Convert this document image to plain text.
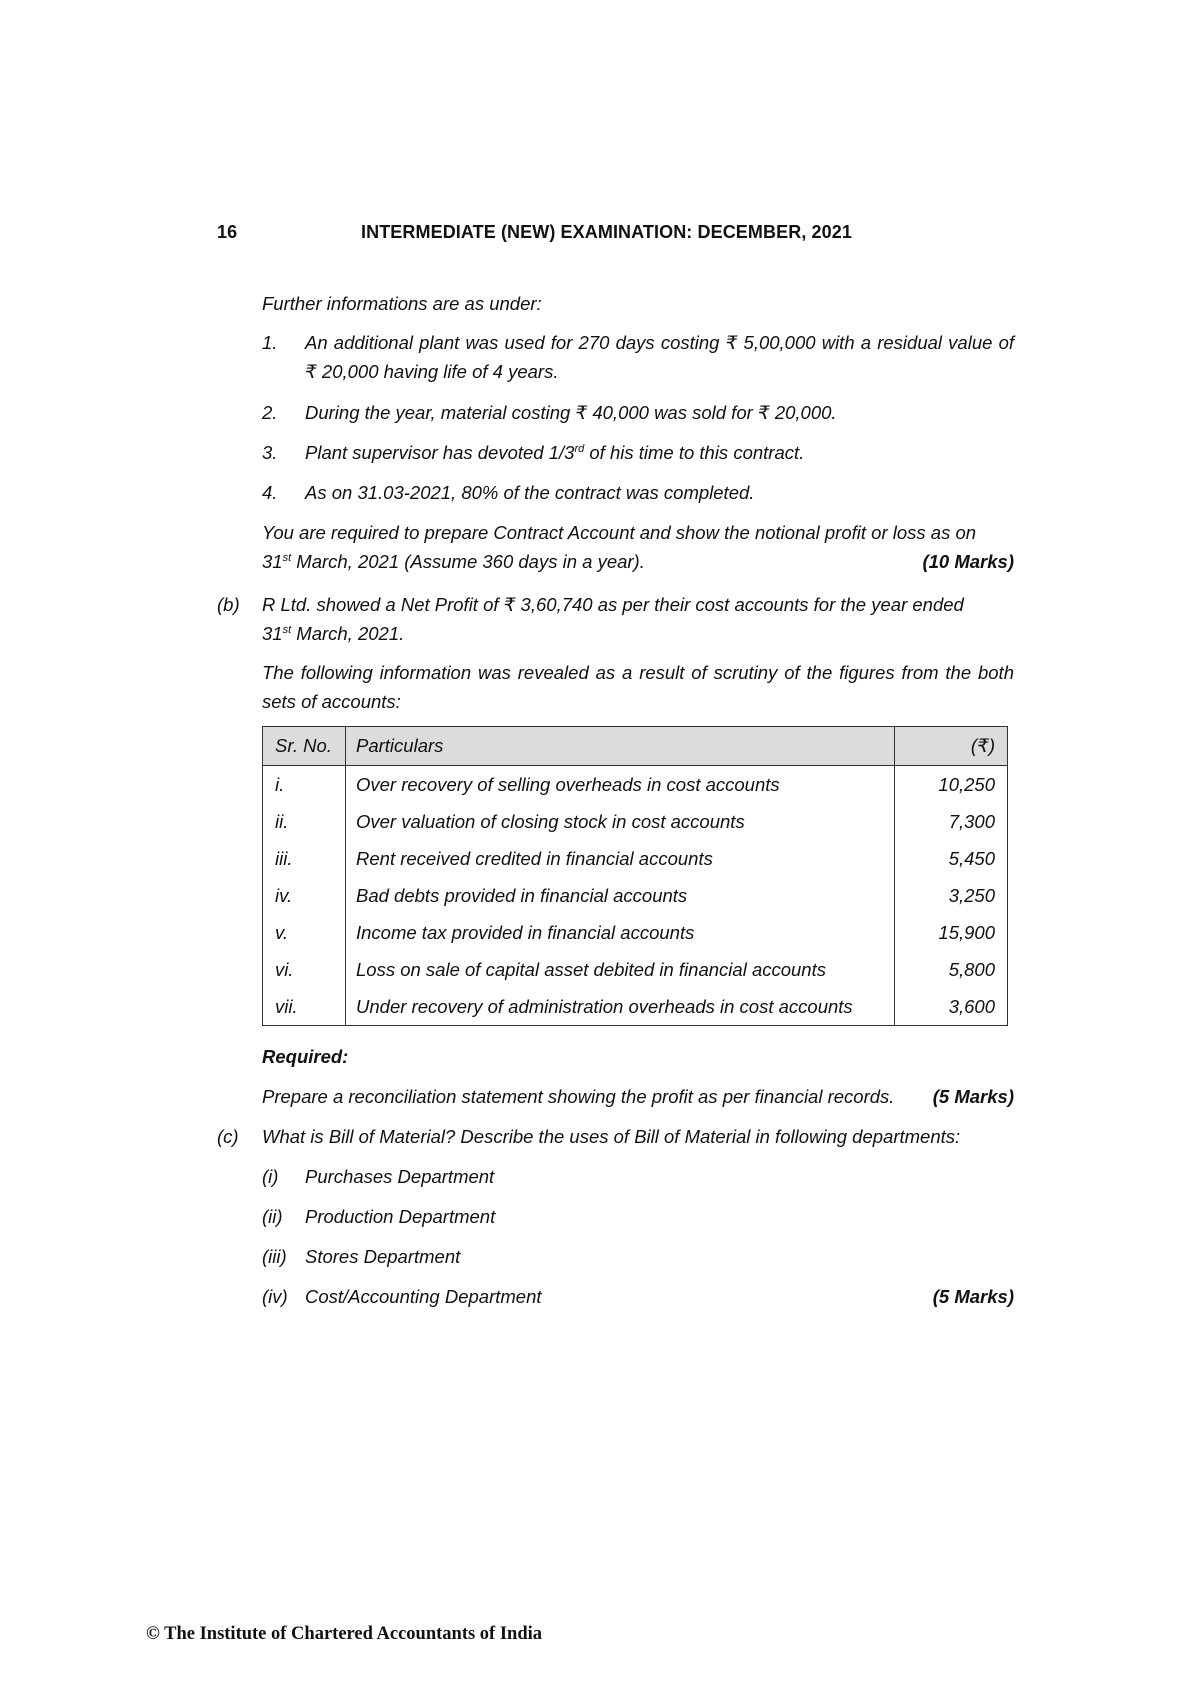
16	INTERMEDIATE (NEW) EXAMINATION: DECEMBER, 2021
Further informations are as under:
1. An additional plant was used for 270 days costing ₹ 5,00,000 with a residual value of ₹ 20,000 having life of 4 years.
2. During the year, material costing ₹ 40,000 was sold for ₹ 20,000.
3. Plant supervisor has devoted 1/3rd of his time to this contract.
4. As on 31.03-2021, 80% of the contract was completed.
You are required to prepare Contract Account and show the notional profit or loss as on
31st March, 2021 (Assume 360 days in a year).	(10 Marks)
(b) R Ltd. showed a Net Profit of ₹ 3,60,740 as per their cost accounts for the year ended
31st March, 2021.
The following information was revealed as a result of scrutiny of the figures from the both sets of accounts:
Sr. No.	Particulars	(₹)
i.	Over recovery of selling overheads in cost accounts	10,250
ii.	Over valuation of closing stock in cost accounts	7,300
iii.	Rent received credited in financial accounts	5,450
iv.	Bad debts provided in financial accounts	3,250
v.	Income tax provided in financial accounts	15,900
vi.	Loss on sale of capital asset debited in financial accounts	5,800
vii.	Under recovery of administration overheads in cost accounts	3,600
Required:
Prepare a reconciliation statement showing the profit as per financial records. (5 Marks)
(c) What is Bill of Material? Describe the uses of Bill of Material in following departments:
(i) Purchases Department
(ii) Production Department
(iii) Stores Department
(iv) Cost/Accounting Department	(5 Marks)
© The Institute of Chartered Accountants of India
